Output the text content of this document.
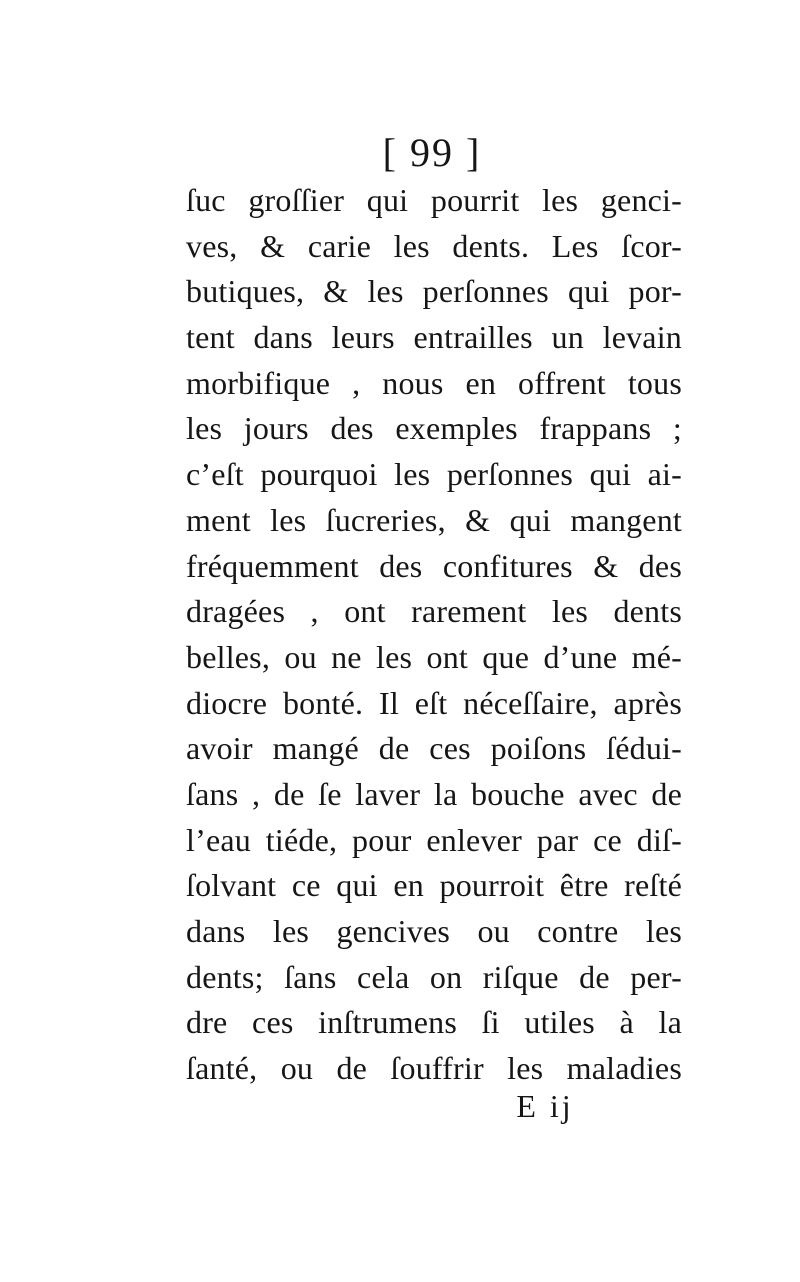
[ 99 ]
ſuc groſſier qui pourrit les genci-
ves, & carie les dents. Les ſcor-
butiques, & les perſonnes qui por-
tent dans leurs entrailles un levain
morbifique , nous en offrent tous
les jours des exemples frappans ;
c’eſt pourquoi les perſonnes qui ai-
ment les ſucreries, & qui mangent
fréquemment des confitures & des
dragées , ont rarement les dents
belles, ou ne les ont que d’une mé-
diocre bonté. Il eſt néceſſaire, après
avoir mangé de ces poiſons ſédui-
ſans , de ſe laver la bouche avec de
l’eau tiéde, pour enlever par ce diſ-
ſolvant ce qui en pourroit être reſté
dans les gencives ou contre les
dents; ſans cela on riſque de per-
dre ces inſtrumens ſi utiles à la
ſanté, ou de ſouffrir les maladies
E ij
